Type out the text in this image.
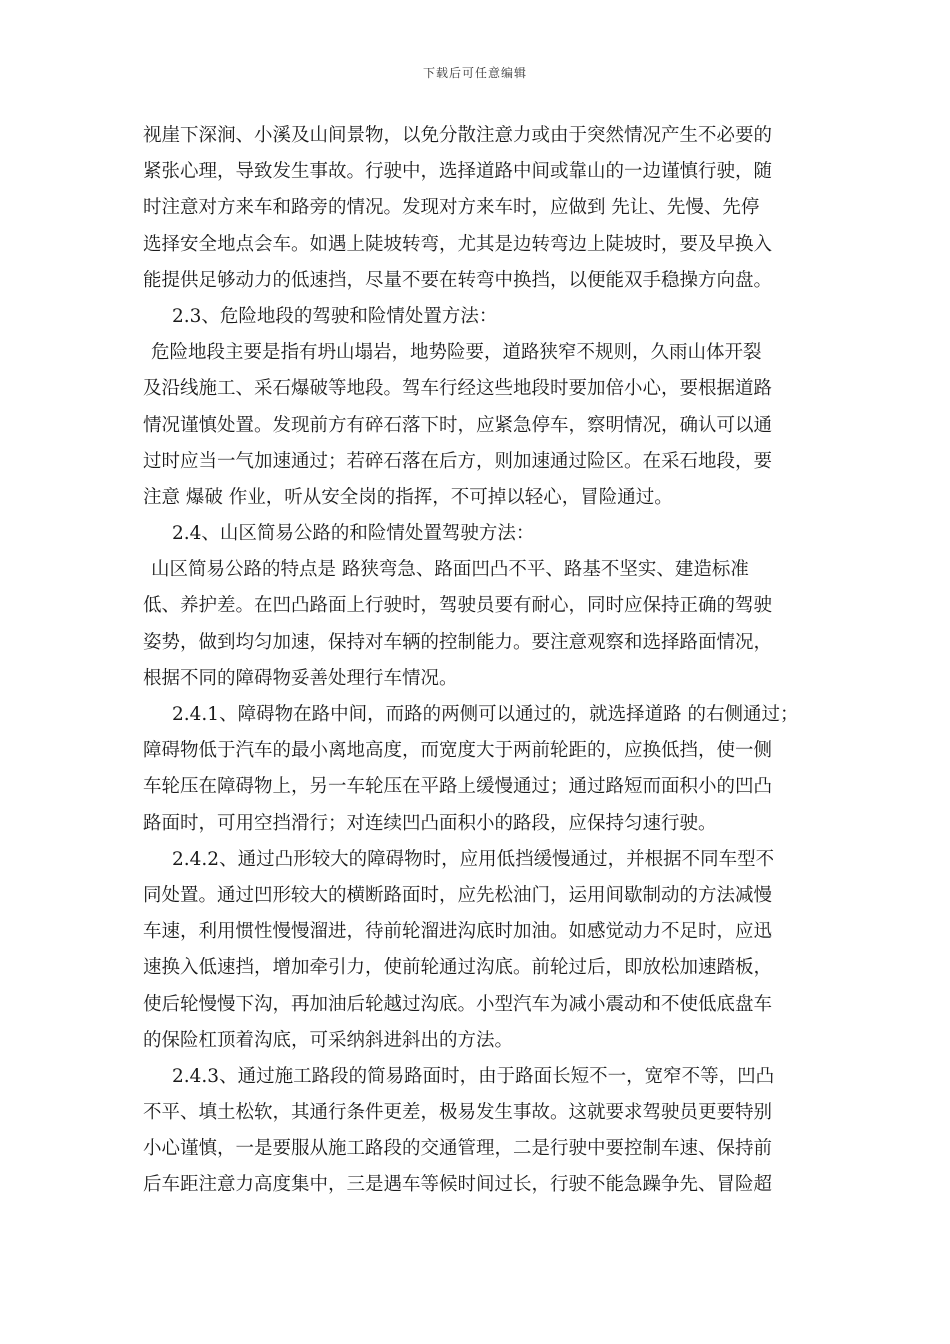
下载后可任意编辑
视崖下深涧、小溪及山间景物，以免分散注意力或由于突然情况产生不必要的
紧张心理，导致发生事故。行驶中，选择道路中间或靠山的一边谨慎行驶，随
时注意对方来车和路旁的情况。发现对方来车时，应做到 先让、先慢、先停
选择安全地点会车。如遇上陡坡转弯，尤其是边转弯边上陡坡时，要及早换入
能提供足够动力的低速挡，尽量不要在转弯中换挡，以便能双手稳操方向盘。
2.3、危险地段的驾驶和险情处置方法：
危险地段主要是指有坍山塌岩，地势险要，道路狭窄不规则，久雨山体开裂
及沿线施工、采石爆破等地段。驾车行经这些地段时要加倍小心，要根据道路
情况谨慎处置。发现前方有碎石落下时，应紧急停车，察明情况，确认可以通
过时应当一气加速通过；若碎石落在后方，则加速通过险区。在采石地段，要
注意 爆破 作业，听从安全岗的指挥，不可掉以轻心，冒险通过。
2.4、山区简易公路的和险情处置驾驶方法：
山区简易公路的特点是 路狭弯急、路面凹凸不平、路基不坚实、建造标准
低、养护差。在凹凸路面上行驶时，驾驶员要有耐心，同时应保持正确的驾驶
姿势，做到均匀加速，保持对车辆的控制能力。要注意观察和选择路面情况，
根据不同的障碍物妥善处理行车情况。
2.4.1、障碍物在路中间，而路的两侧可以通过的，就选择道路 的右侧通过；
障碍物低于汽车的最小离地高度，而宽度大于两前轮距的，应换低挡，使一侧
车轮压在障碍物上，另一车轮压在平路上缓慢通过；通过路短而面积小的凹凸
路面时，可用空挡滑行；对连续凹凸面积小的路段，应保持匀速行驶。
2.4.2、通过凸形较大的障碍物时，应用低挡缓慢通过，并根据不同车型不
同处置。通过凹形较大的横断路面时，应先松油门，运用间歇制动的方法减慢
车速，利用惯性慢慢溜进，待前轮溜进沟底时加油。如感觉动力不足时，应迅
速换入低速挡，增加牵引力，使前轮通过沟底。前轮过后，即放松加速踏板，
使后轮慢慢下沟，再加油后轮越过沟底。小型汽车为减小震动和不使低底盘车
的保险杠顶着沟底，可采纳斜进斜出的方法。
2.4.3、通过施工路段的简易路面时，由于路面长短不一，宽窄不等，凹凸
不平、填土松软，其通行条件更差，极易发生事故。这就要求驾驶员更要特别
小心谨慎，一是要服从施工路段的交通管理，二是行驶中要控制车速、保持前
后车距注意力高度集中，三是遇车等候时间过长，行驶不能急躁争先、冒险超
